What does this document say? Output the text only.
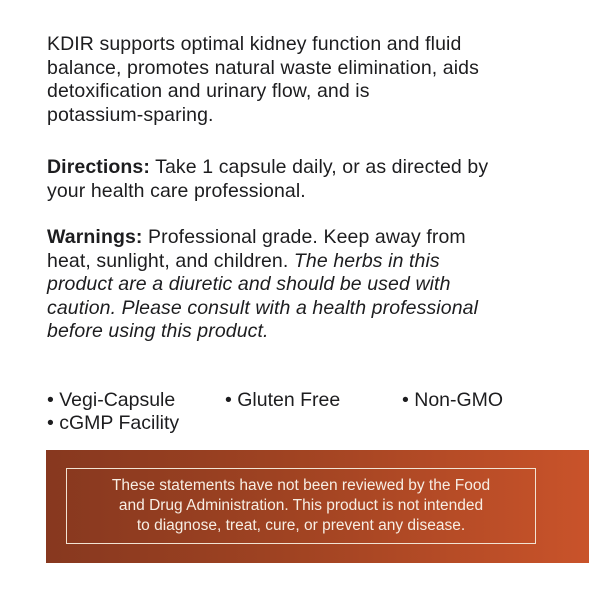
KDIR supports optimal kidney function and fluid
balance, promotes natural waste elimination, aids
detoxification and urinary flow, and is
potassium-sparing.
Directions: Take 1 capsule daily, or as directed by
your health care professional.
Warnings: Professional grade. Keep away from
heat, sunlight, and children. The herbs in this
product are a diuretic and should be used with
caution. Please consult with a health professional
before using this product.
• Vegi-Capsule	• Gluten Free	• Non-GMO
• cGMP Facility
These statements have not been reviewed by the Food
and Drug Administration. This product is not intended
to diagnose, treat, cure, or prevent any disease.
